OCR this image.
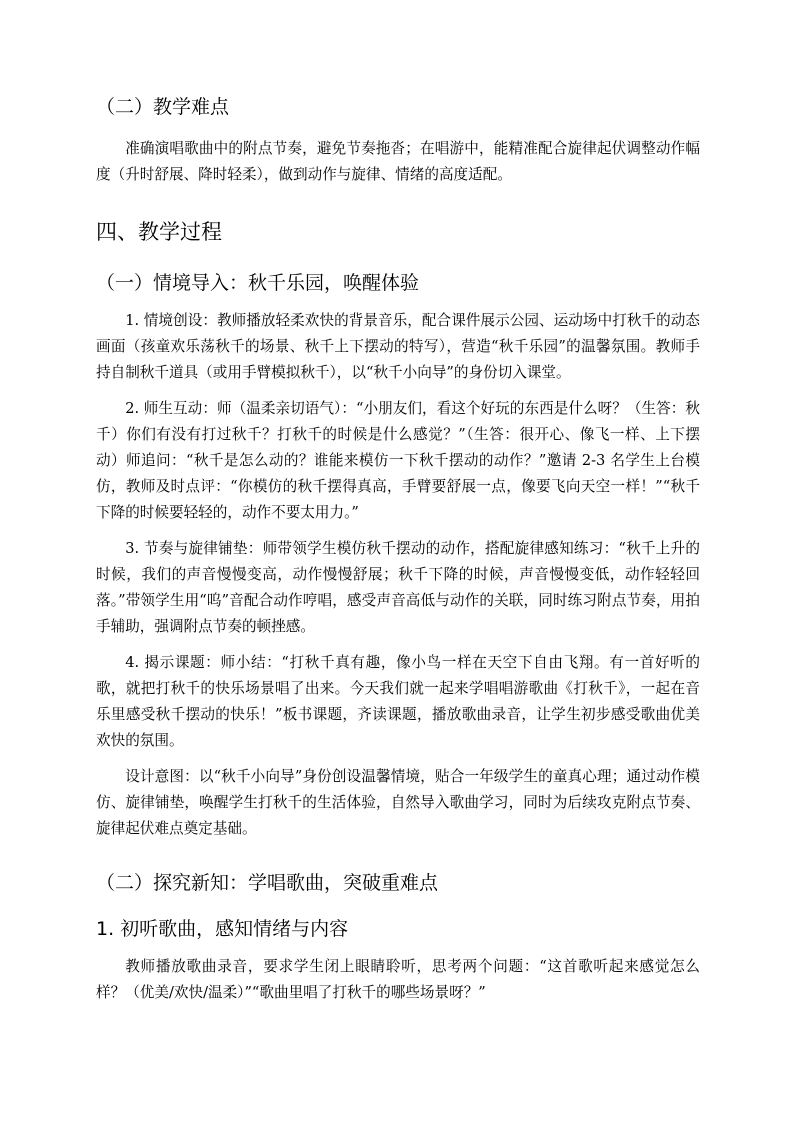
（二）教学难点

准确演唱歌曲中的附点节奏，避免节奏拖沓；在唱游中，能精准配合旋律起伏调整动作幅度（升时舒展、降时轻柔），做到动作与旋律、情绪的高度适配。

四、教学过程
（一）情境导入：秋千乐园，唤醒体验

1. 情境创设：教师播放轻柔欢快的背景音乐，配合课件展示公园、运动场中打秋千的动态画面（孩童欢乐荡秋千的场景、秋千上下摆动的特写），营造“秋千乐园”的温馨氛围。教师手持自制秋千道具（或用手臂模拟秋千），以“秋千小向导”的身份切入课堂。

2. 师生互动：师（温柔亲切语气）：“小朋友们，看这个好玩的东西是什么呀？（生答：秋千）你们有没有打过秋千？打秋千的时候是什么感觉？”（生答：很开心、像飞一样、上下摆动）师追问：“秋千是怎么动的？谁能来模仿一下秋千摆动的动作？”邀请 2-3 名学生上台模仿，教师及时点评：“你模仿的秋千摆得真高，手臂要舒展一点，像要飞向天空一样！”“秋千下降的时候要轻轻的，动作不要太用力。”

3. 节奏与旋律铺垫：师带领学生模仿秋千摆动的动作，搭配旋律感知练习：“秋千上升的时候，我们的声音慢慢变高，动作慢慢舒展；秋千下降的时候，声音慢慢变低，动作轻轻回落。”带领学生用“呜”音配合动作哼唱，感受声音高低与动作的关联，同时练习附点节奏，用拍手辅助，强调附点节奏的顿挫感。

4. 揭示课题：师小结：“打秋千真有趣，像小鸟一样在天空下自由飞翔。有一首好听的歌，就把打秋千的快乐场景唱了出来。今天我们就一起来学唱唱游歌曲《打秋千》，一起在音乐里感受秋千摆动的快乐！”板书课题，齐读课题，播放歌曲录音，让学生初步感受歌曲优美欢快的氛围。

设计意图：以“秋千小向导”身份创设温馨情境，贴合一年级学生的童真心理；通过动作模仿、旋律铺垫，唤醒学生打秋千的生活体验，自然导入歌曲学习，同时为后续攻克附点节奏、旋律起伏难点奠定基础。

（二）探究新知：学唱歌曲，突破重难点
1. 初听歌曲，感知情绪与内容

教师播放歌曲录音，要求学生闭上眼睛聆听，思考两个问题：“这首歌听起来感觉怎么样？（优美/欢快/温柔）”“歌曲里唱了打秋千的哪些场景呀？”
